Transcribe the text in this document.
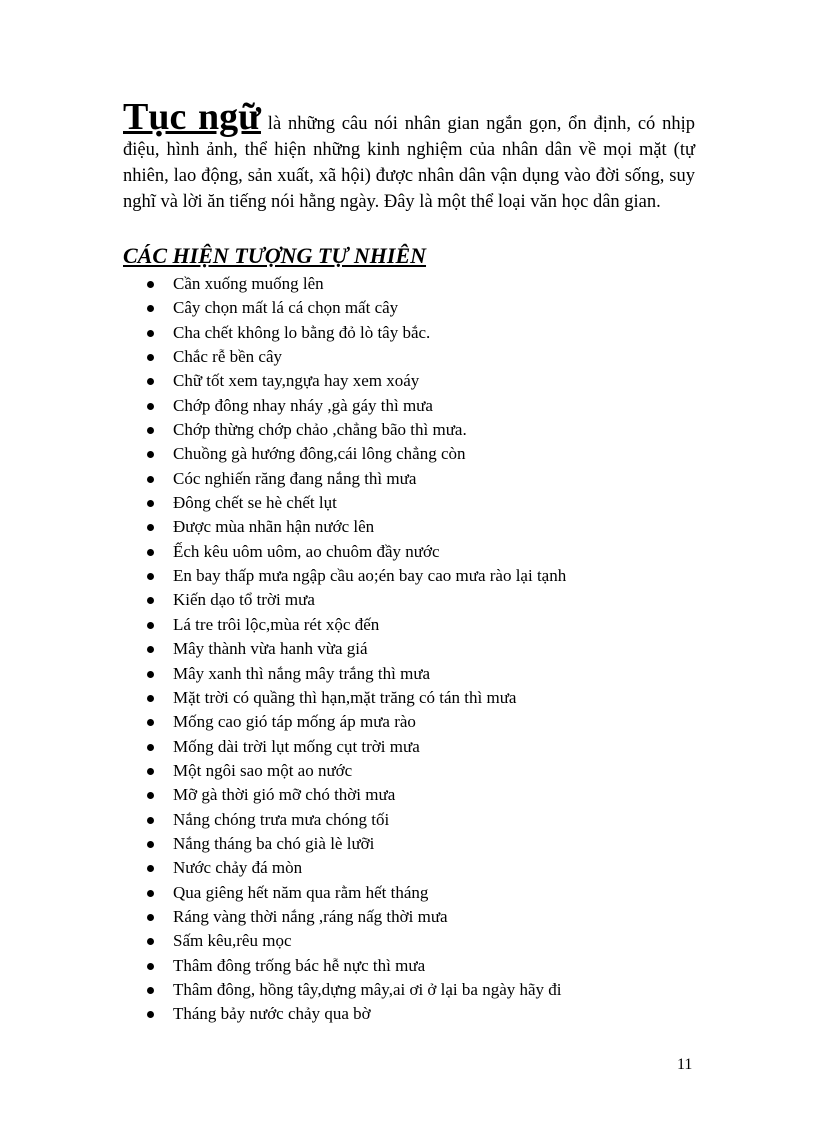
Tục ngữ là những câu nói nhân gian ngắn gọn, ổn định, có nhịp điệu, hình ảnh, thể hiện những kinh nghiệm của nhân dân về mọi mặt (tự nhiên, lao động, sản xuất, xã hội) được nhân dân vận dụng vào đời sống, suy nghĩ và lời ăn tiếng nói hằng ngày. Đây là một thể loại văn học dân gian.

CÁC HIỆN TƯỢNG TỰ NHIÊN
Cần xuống muống lên
Cây chọn mất lá cá chọn mất cây
Cha chết không lo bằng đỏ lò tây bắc.
Chắc rễ bền cây
Chữ tốt xem tay,ngựa hay xem xoáy
Chớp đông nhay nháy ,gà gáy thì mưa
Chớp thừng chớp chảo ,chẳng bão thì mưa.
Chuồng gà hướng đông,cái lông chẳng còn
Cóc nghiến răng đang nắng thì mưa
Đông chết se hè chết lụt
Được mùa nhãn hận nước lên
Ếch kêu uôm uôm, ao chuôm đầy nước
En bay thấp mưa ngập cầu ao;én bay cao mưa rào lại tạnh
Kiến dạo tổ trời mưa
Lá tre trôi lộc,mùa rét xộc đến
Mây thành vừa hanh vừa giá
Mây xanh thì nắng mây trắng thì mưa
Mặt trời có quầng thì hạn,mặt trăng có tán thì mưa
Mống cao gió táp mống áp mưa rào
Mống dài trời lụt mống cụt trời mưa
Một ngôi sao một ao nước
Mỡ gà thời gió mỡ chó thời mưa
Nắng chóng trưa mưa chóng tối
Nắng tháng ba chó già lè lưỡi
Nước chảy đá mòn
Qua giêng hết năm qua rằm hết tháng
Ráng vàng thời nắng ,ráng nấg thời mưa
Sấm kêu,rêu mọc
Thâm đông trống bác hễ nực thì mưa
Thâm đông, hồng tây,dựng mây,ai ơi ở lại ba ngày hãy đi
Tháng bảy nước chảy qua bờ
11
